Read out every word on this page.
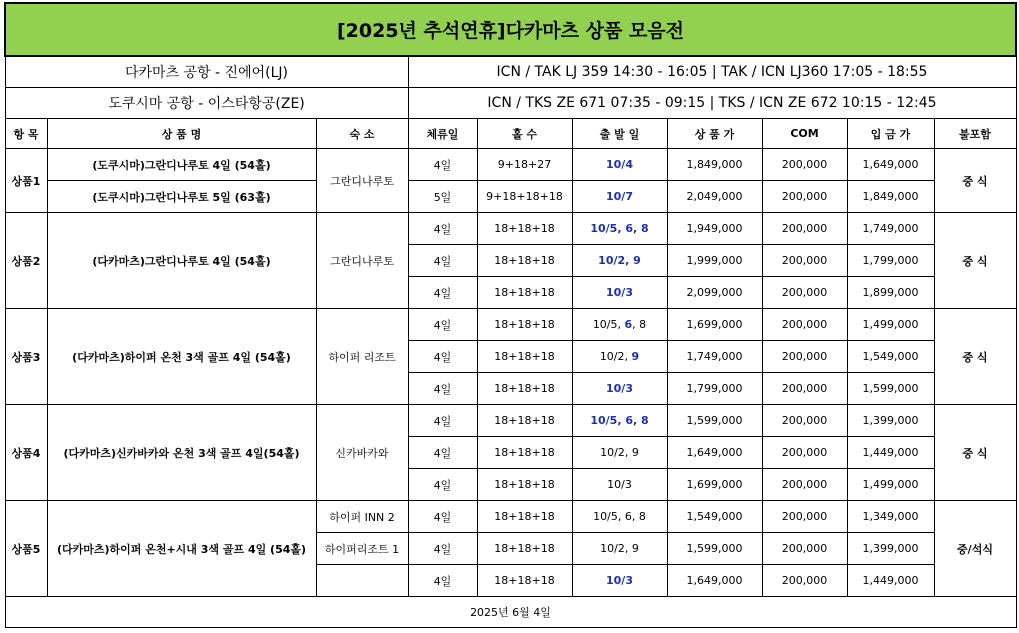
[2025년 추석연휴]다카마츠 상품 모음전									
다카마츠 공항 - 진에어(LJ)			ICN / TAK LJ 359 14:30 - 16:05 | TAK / ICN LJ360 17:05 - 18:55						
도쿠시마 공항 - 이스타항공(ZE)			ICN / TKS ZE 671 07:35 - 09:15 | TKS / ICN ZE 672 10:15 - 12:45						
항 목	상 품 명	숙 소	체류일	홀 수	출 발 일	상 품 가	COM	입 금 가	불포함
상품1	(도쿠시마)그란디나루토 4일 (54홀)	그란디나루토	4일	9+18+27	10/4	1,849,000	200,000	1,649,000	중 식
	(도쿠시마)그란디나루토 5일 (63홀)		5일	9+18+18+18	10/7	2,049,000	200,000	1,849,000	
상품2	(다카마츠)그란디나루토 4일 (54홀)	그란디나루토	4일	18+18+18	10/5, 6, 8	1,949,000	200,000	1,749,000	중 식
			4일	18+18+18	10/2, 9	1,999,000	200,000	1,799,000	
			4일	18+18+18	10/3	2,099,000	200,000	1,899,000	
상품3	(다카마츠)하이퍼 온천 3색 골프 4일 (54홀)	하이퍼 리조트	4일	18+18+18	10/5, 6, 8	1,699,000	200,000	1,499,000	중 식
			4일	18+18+18	10/2, 9	1,749,000	200,000	1,549,000	
			4일	18+18+18	10/3	1,799,000	200,000	1,599,000	
상품4	(다카마츠)신카바카와 온천 3색 골프 4일(54홀)	신카바카와	4일	18+18+18	10/5, 6, 8	1,599,000	200,000	1,399,000	중 식
			4일	18+18+18	10/2, 9	1,649,000	200,000	1,449,000	
			4일	18+18+18	10/3	1,699,000	200,000	1,499,000	
상품5	(다카마츠)하이퍼 온천+시내 3색 골프 4일 (54홀)	하이퍼 INN 2	4일	18+18+18	10/5, 6, 8	1,549,000	200,000	1,349,000	중/석식
		하이퍼리조트 1	4일	18+18+18	10/2, 9	1,599,000	200,000	1,399,000	
			4일	18+18+18	10/3	1,649,000	200,000	1,449,000	
2025년 6월 4일									
